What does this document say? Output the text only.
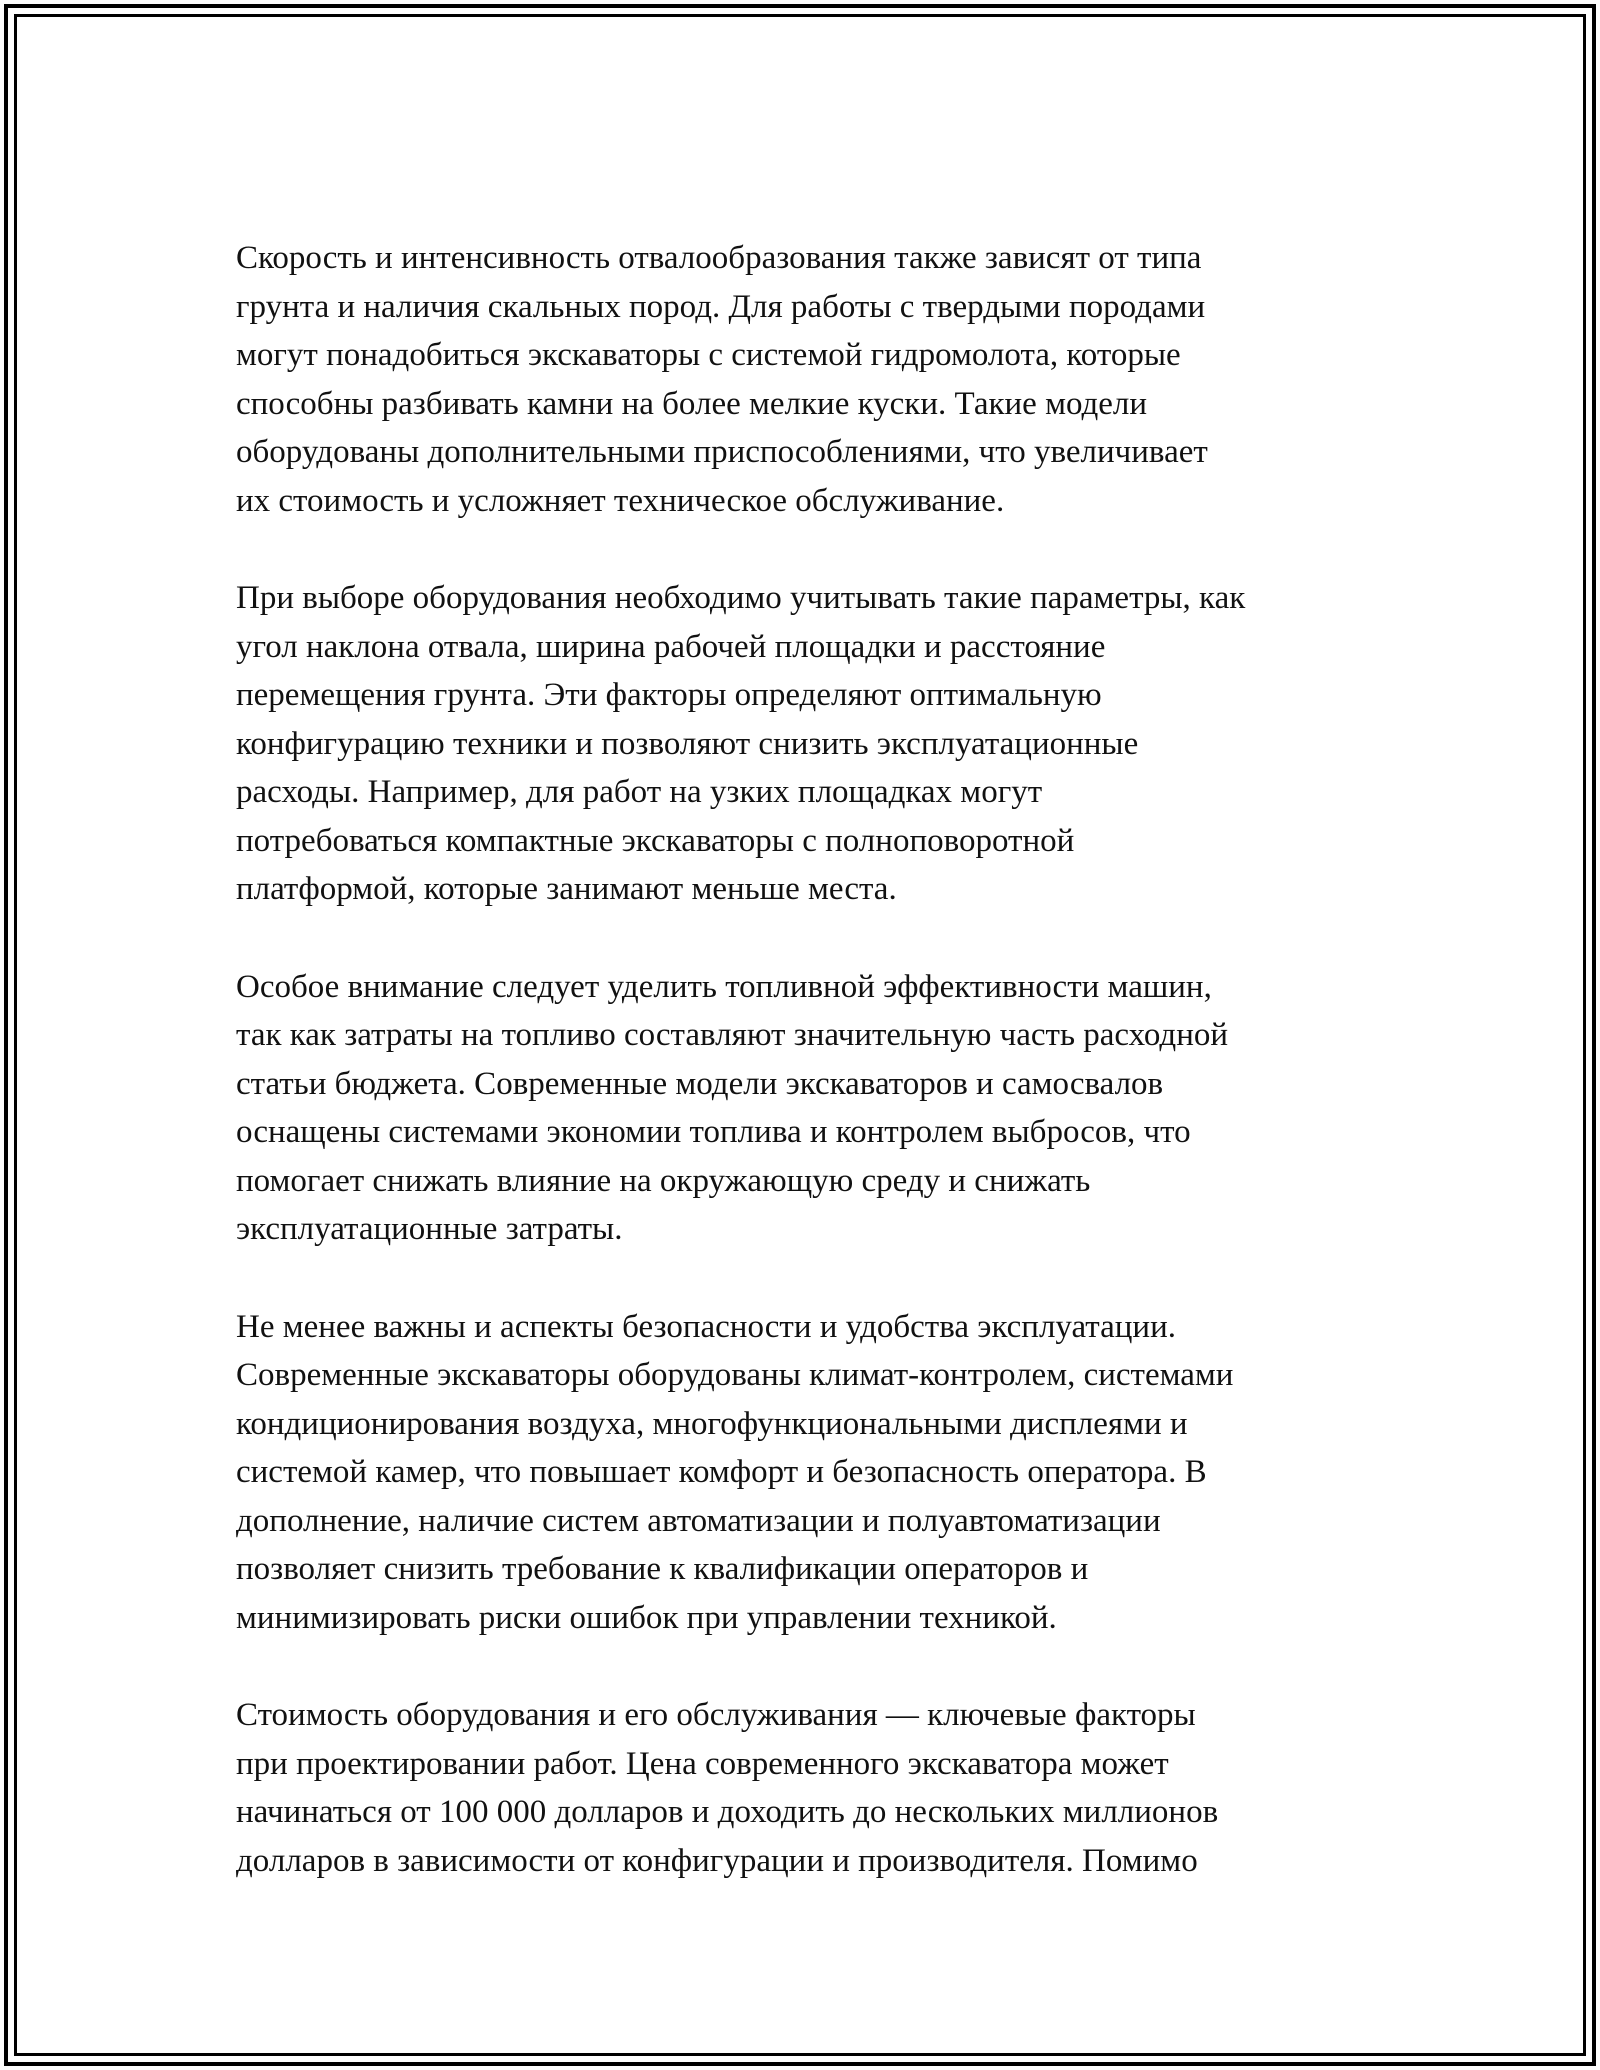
Скорость и интенсивность отвалообразования также зависят от типа
грунта и наличия скальных пород. Для работы с твердыми породами
могут понадобиться экскаваторы с системой гидромолота, которые
способны разбивать камни на более мелкие куски. Такие модели
оборудованы дополнительными приспособлениями, что увеличивает
их стоимость и усложняет техническое обслуживание.

При выборе оборудования необходимо учитывать такие параметры, как
угол наклона отвала, ширина рабочей площадки и расстояние
перемещения грунта. Эти факторы определяют оптимальную
конфигурацию техники и позволяют снизить эксплуатационные
расходы. Например, для работ на узких площадках могут
потребоваться компактные экскаваторы с полноповоротной
платформой, которые занимают меньше места.

Особое внимание следует уделить топливной эффективности машин,
так как затраты на топливо составляют значительную часть расходной
статьи бюджета. Современные модели экскаваторов и самосвалов
оснащены системами экономии топлива и контролем выбросов, что
помогает снижать влияние на окружающую среду и снижать
эксплуатационные затраты.

Не менее важны и аспекты безопасности и удобства эксплуатации.
Современные экскаваторы оборудованы климат-контролем, системами
кондиционирования воздуха, многофункциональными дисплеями и
системой камер, что повышает комфорт и безопасность оператора. В
дополнение, наличие систем автоматизации и полуавтоматизации
позволяет снизить требование к квалификации операторов и
минимизировать риски ошибок при управлении техникой.

Стоимость оборудования и его обслуживания — ключевые факторы
при проектировании работ. Цена современного экскаватора может
начинаться от 100 000 долларов и доходить до нескольких миллионов
долларов в зависимости от конфигурации и производителя. Помимо
